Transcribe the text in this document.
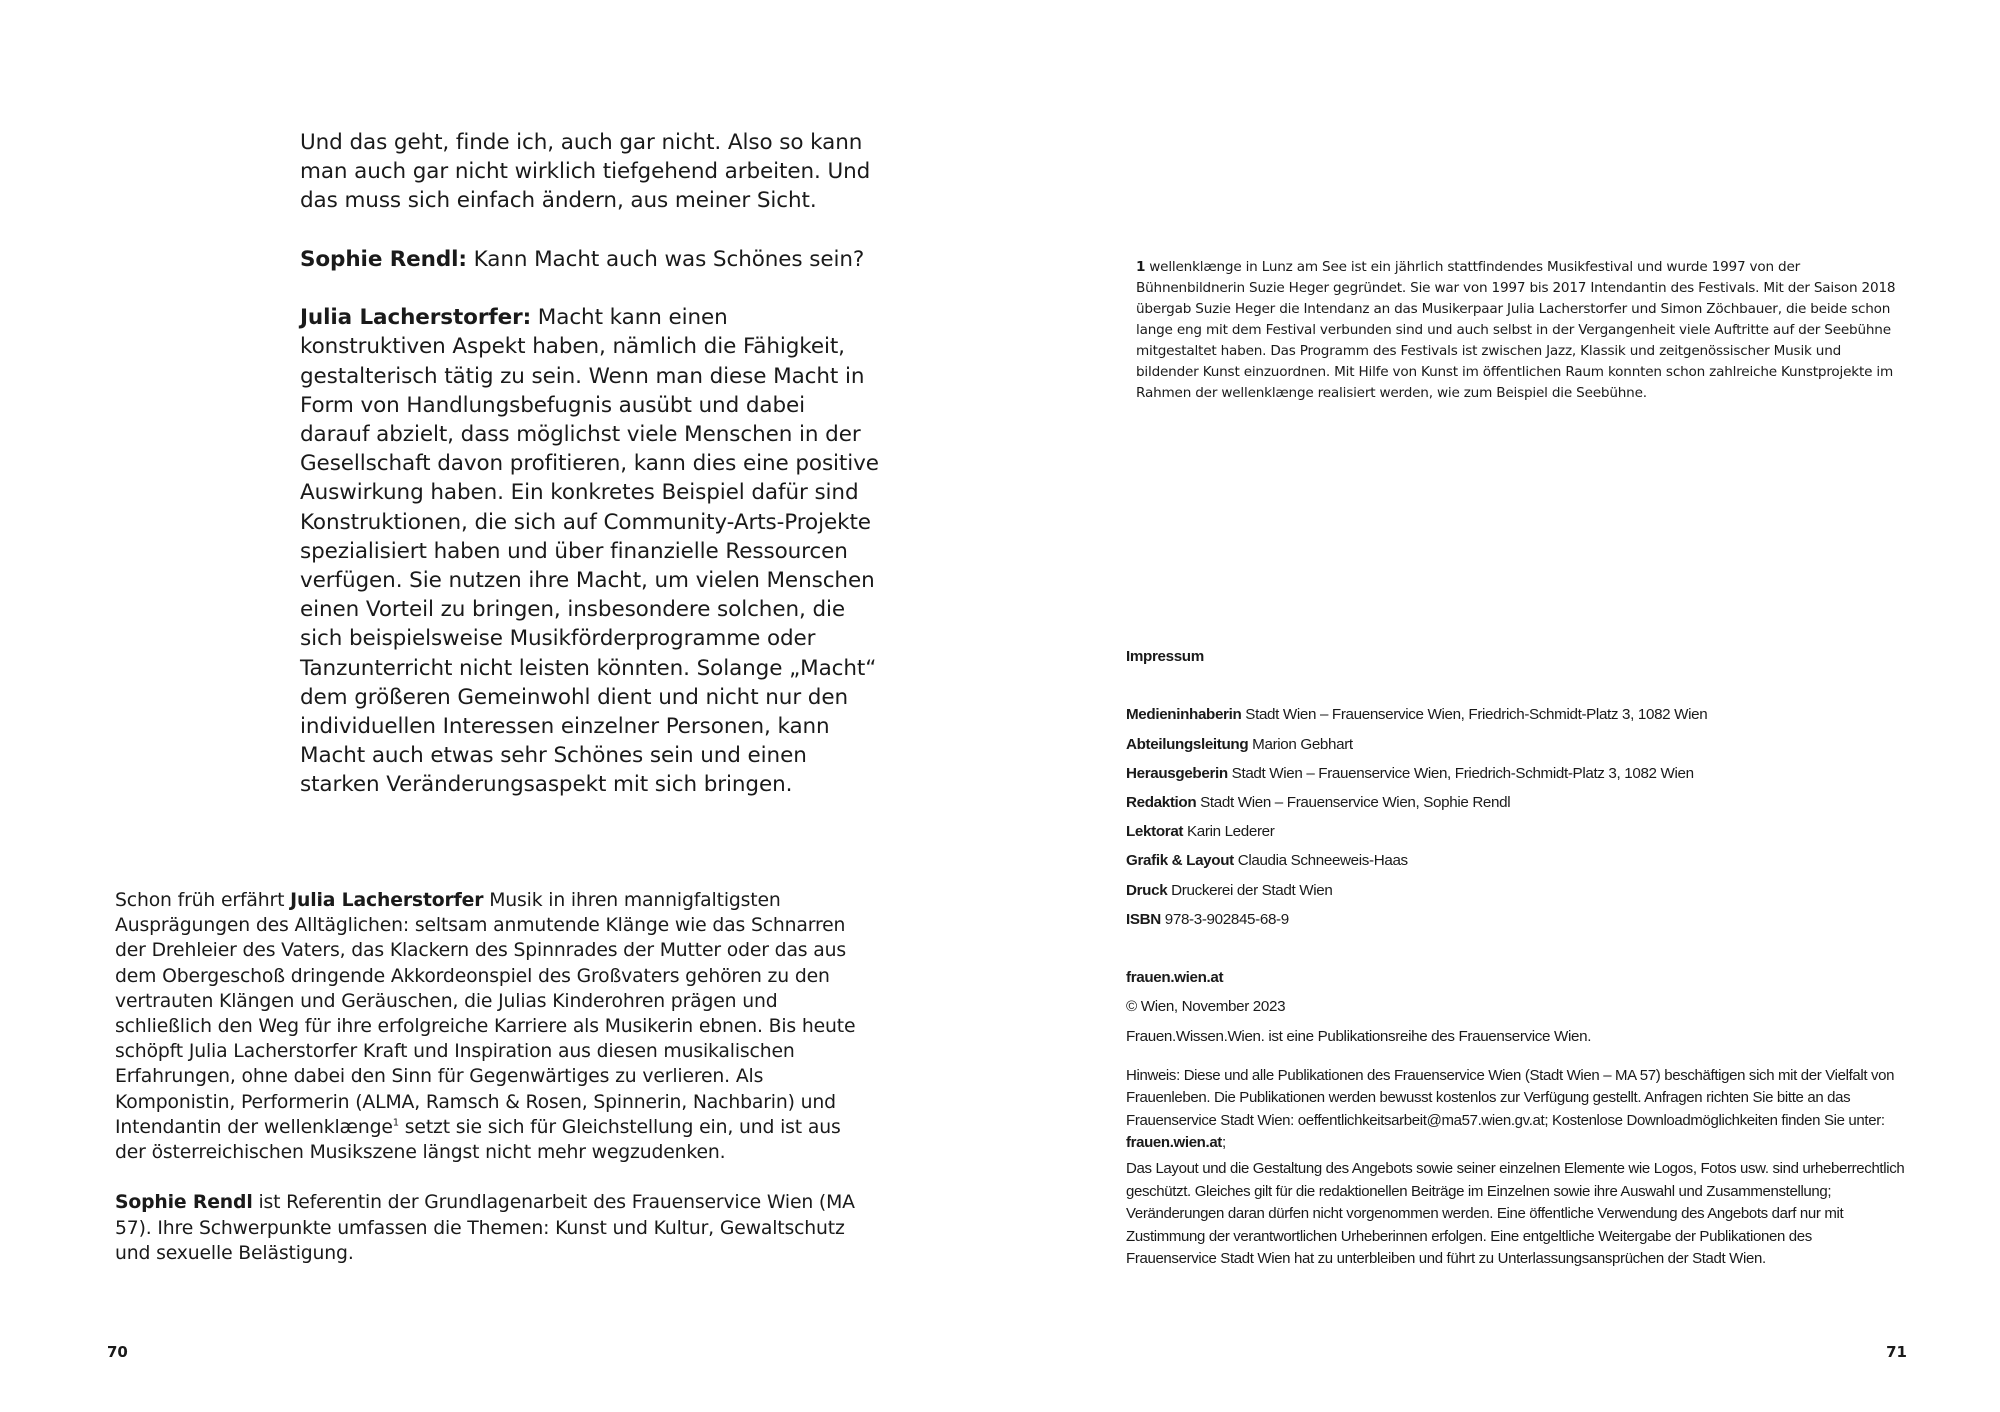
Und das geht, finde ich, auch gar nicht. Also so kann man auch gar nicht wirklich tiefgehend arbeiten. Und das muss sich einfach ändern, aus meiner Sicht.

Sophie Rendl: Kann Macht auch was Schönes sein?

Julia Lacherstorfer: Macht kann einen konstruktiven Aspekt haben, nämlich die Fähigkeit, gestalterisch tätig zu sein. Wenn man diese Macht in Form von Handlungsbefugnis ausübt und dabei darauf abzielt, dass möglichst viele Menschen in der Gesellschaft davon profitieren, kann dies eine positive Auswirkung haben. Ein konkretes Beispiel dafür sind Konstruktionen, die sich auf Community-Arts-Projekte spezialisiert haben und über finanzielle Ressourcen verfügen. Sie nutzen ihre Macht, um vielen Menschen einen Vorteil zu bringen, insbesondere solchen, die sich beispielsweise Musikförderprogramme oder Tanzunterricht nicht leisten könnten. Solange „Macht“ dem größeren Gemeinwohl dient und nicht nur den individuellen Interessen einzelner Personen, kann Macht auch etwas sehr Schönes sein und einen starken Veränderungsaspekt mit sich bringen.

Schon früh erfährt Julia Lacherstorfer Musik in ihren mannigfaltigsten Ausprägungen des Alltäglichen: seltsam anmutende Klänge wie das Schnarren der Drehleier des Vaters, das Klackern des Spinnrades der Mutter oder das aus dem Obergeschoß dringende Akkordeonspiel des Großvaters gehören zu den vertrauten Klängen und Geräuschen, die Julias Kinderohren prägen und schließlich den Weg für ihre erfolgreiche Karriere als Musikerin ebnen. Bis heute schöpft Julia Lacherstorfer Kraft und Inspiration aus diesen musikalischen Erfahrungen, ohne dabei den Sinn für Gegenwärtiges zu verlieren. Als Komponistin, Performerin (ALMA, Ramsch & Rosen, Spinnerin, Nachbarin) und Intendantin der wellenklænge$^1$ setzt sie sich für Gleichstellung ein, und ist aus der österreichischen Musikszene längst nicht mehr wegzudenken.

Sophie Rendl ist Referentin der Grundlagenarbeit des Frauenservice Wien (MA 57). Ihre Schwerpunkte umfassen die Themen: Kunst und Kultur, Gewaltschutz und sexuelle Belästigung.

70
1 wellenklænge in Lunz am See ist ein jährlich stattfindendes Musikfestival und wurde 1997 von der Bühnenbildnerin Suzie Heger gegründet. Sie war von 1997 bis 2017 Intendantin des Festivals. Mit der Saison 2018 übergab Suzie Heger die Intendanz an das Musikerpaar Julia Lacherstorfer und Simon Zöchbauer, die beide schon lange eng mit dem Festival verbunden sind und auch selbst in der Vergangenheit viele Auftritte auf der Seebühne mitgestaltet haben. Das Programm des Festivals ist zwischen Jazz, Klassik und zeitgenössischer Musik und bildender Kunst einzuordnen. Mit Hilfe von Kunst im öffentlichen Raum konnten schon zahlreiche Kunstprojekte im Rahmen der wellenklænge realisiert werden, wie zum Beispiel die Seebühne.
Impressum
Medieninhaberin Stadt Wien – Frauenservice Wien, Friedrich-Schmidt-Platz 3, 1082 Wien
Abteilungsleitung Marion Gebhart
Herausgeberin Stadt Wien – Frauenservice Wien, Friedrich-Schmidt-Platz 3, 1082 Wien
Redaktion Stadt Wien – Frauenservice Wien, Sophie Rendl
Lektorat Karin Lederer
Grafik & Layout Claudia Schneeweis-Haas
Druck Druckerei der Stadt Wien
ISBN 978-3-902845-68-9
frauen.wien.at
© Wien, November 2023
Frauen.Wissen.Wien. ist eine Publikationsreihe des Frauenservice Wien.

Hinweis: Diese und alle Publikationen des Frauenservice Wien (Stadt Wien – MA 57) beschäftigen sich mit der Vielfalt von Frauenleben. Die Publikationen werden bewusst kostenlos zur Verfügung gestellt. Anfragen richten Sie bitte an das Frauenservice Stadt Wien: oeffentlichkeitsarbeit@ma57.wien.gv.at; Kostenlose Downloadmöglichkeiten finden Sie unter: frauen.wien.at;

Das Layout und die Gestaltung des Angebots sowie seiner einzelnen Elemente wie Logos, Fotos usw. sind urheberrechtlich geschützt. Gleiches gilt für die redaktionellen Beiträge im Einzelnen sowie ihre Auswahl und Zusammenstellung; Veränderungen daran dürfen nicht vorgenommen werden. Eine öffentliche Verwendung des Angebots darf nur mit Zustimmung der verantwortlichen Urheberinnen erfolgen. Eine entgeltliche Weitergabe der Publikationen des Frauenservice Stadt Wien hat zu unterbleiben und führt zu Unterlassungsansprüchen der Stadt Wien.

71
